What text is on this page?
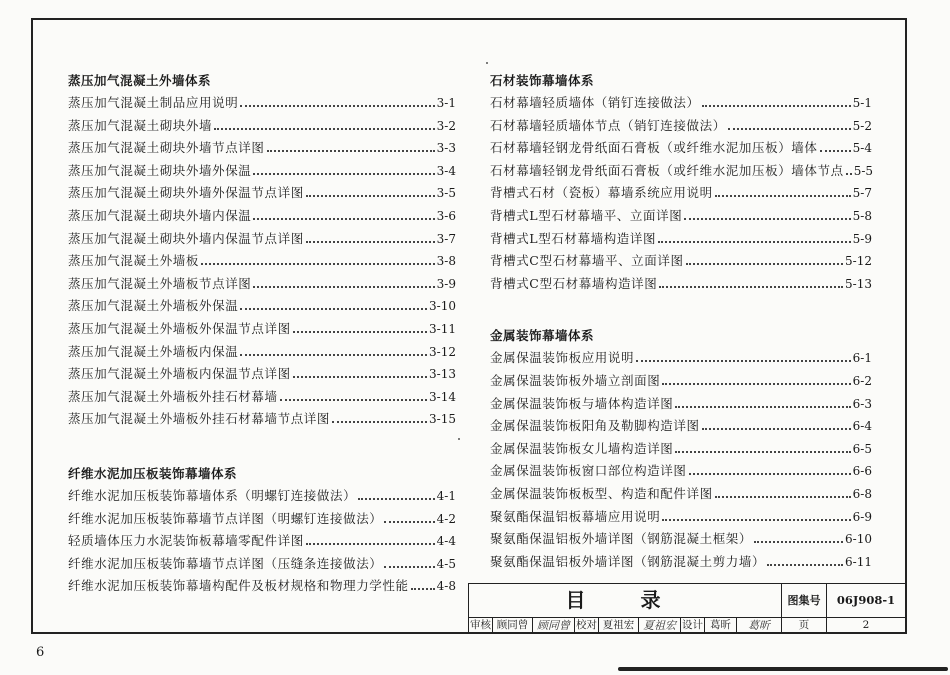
蒸压加气混凝土外墙体系
蒸压加气混凝土制品应用说明	3-1
蒸压加气混凝土砌块外墙	3-2
蒸压加气混凝土砌块外墙节点详图	3-3
蒸压加气混凝土砌块外墙外保温	3-4
蒸压加气混凝土砌块外墙外保温节点详图	3-5
蒸压加气混凝土砌块外墙内保温	3-6
蒸压加气混凝土砌块外墙内保温节点详图	3-7
蒸压加气混凝土外墙板	3-8
蒸压加气混凝土外墙板节点详图	3-9
蒸压加气混凝土外墙板外保温	3-10
蒸压加气混凝土外墙板外保温节点详图	3-11
蒸压加气混凝土外墙板内保温	3-12
蒸压加气混凝土外墙板内保温节点详图	3-13
蒸压加气混凝土外墙板外挂石材幕墙	3-14
蒸压加气混凝土外墙板外挂石材幕墙节点详图	3-15
纤维水泥加压板装饰幕墙体系
纤维水泥加压板装饰幕墙体系（明螺钉连接做法）	4-1
纤维水泥加压板装饰幕墙节点详图（明螺钉连接做法）	4-2
轻质墙体压力水泥装饰板幕墙零配件详图	4-4
纤维水泥加压板装饰幕墙节点详图（压缝条连接做法）	4-5
纤维水泥加压板装饰幕墙构配件及板材规格和物理力学性能 4-8
石材装饰幕墙体系
石材幕墙轻质墙体（销钉连接做法）	5-1
石材幕墙轻质墙体节点（销钉连接做法）	5-2
石材幕墙轻钢龙骨纸面石膏板（或纤维水泥加压板）墙体	5-4
石材幕墙轻钢龙骨纸面石膏板（或纤维水泥加压板）墙体节点 5-5
背槽式石材（瓷板）幕墙系统应用说明	5-7
背槽式L型石材幕墙平、立面详图	5-8
背槽式L型石材幕墙构造详图	5-9
背槽式C型石材幕墙平、立面详图	5-12
背槽式C型石材幕墙构造详图	5-13
金属装饰幕墙体系
金属保温装饰板应用说明	6-1
金属保温装饰板外墙立剖面图	6-2
金属保温装饰板与墙体构造详图	6-3
金属保温装饰板阳角及勒脚构造详图	6-4
金属保温装饰板女儿墙构造详图	6-5
金属保温装饰板窗口部位构造详图	6-6
金属保温装饰板板型、构造和配件详图	6-8
聚氨酯保温铝板幕墙应用说明	6-9
聚氨酯保温铝板外墙详图（钢筋混凝土框架）	6-10
聚氨酯保温铝板外墙详图（钢筋混凝土剪力墙）	6-11
目 录	图集号	06J908-1
审核 顾同曾 顾同曾 校对 夏祖宏 夏祖宏 设计 葛昕	葛昕	页	2
6
